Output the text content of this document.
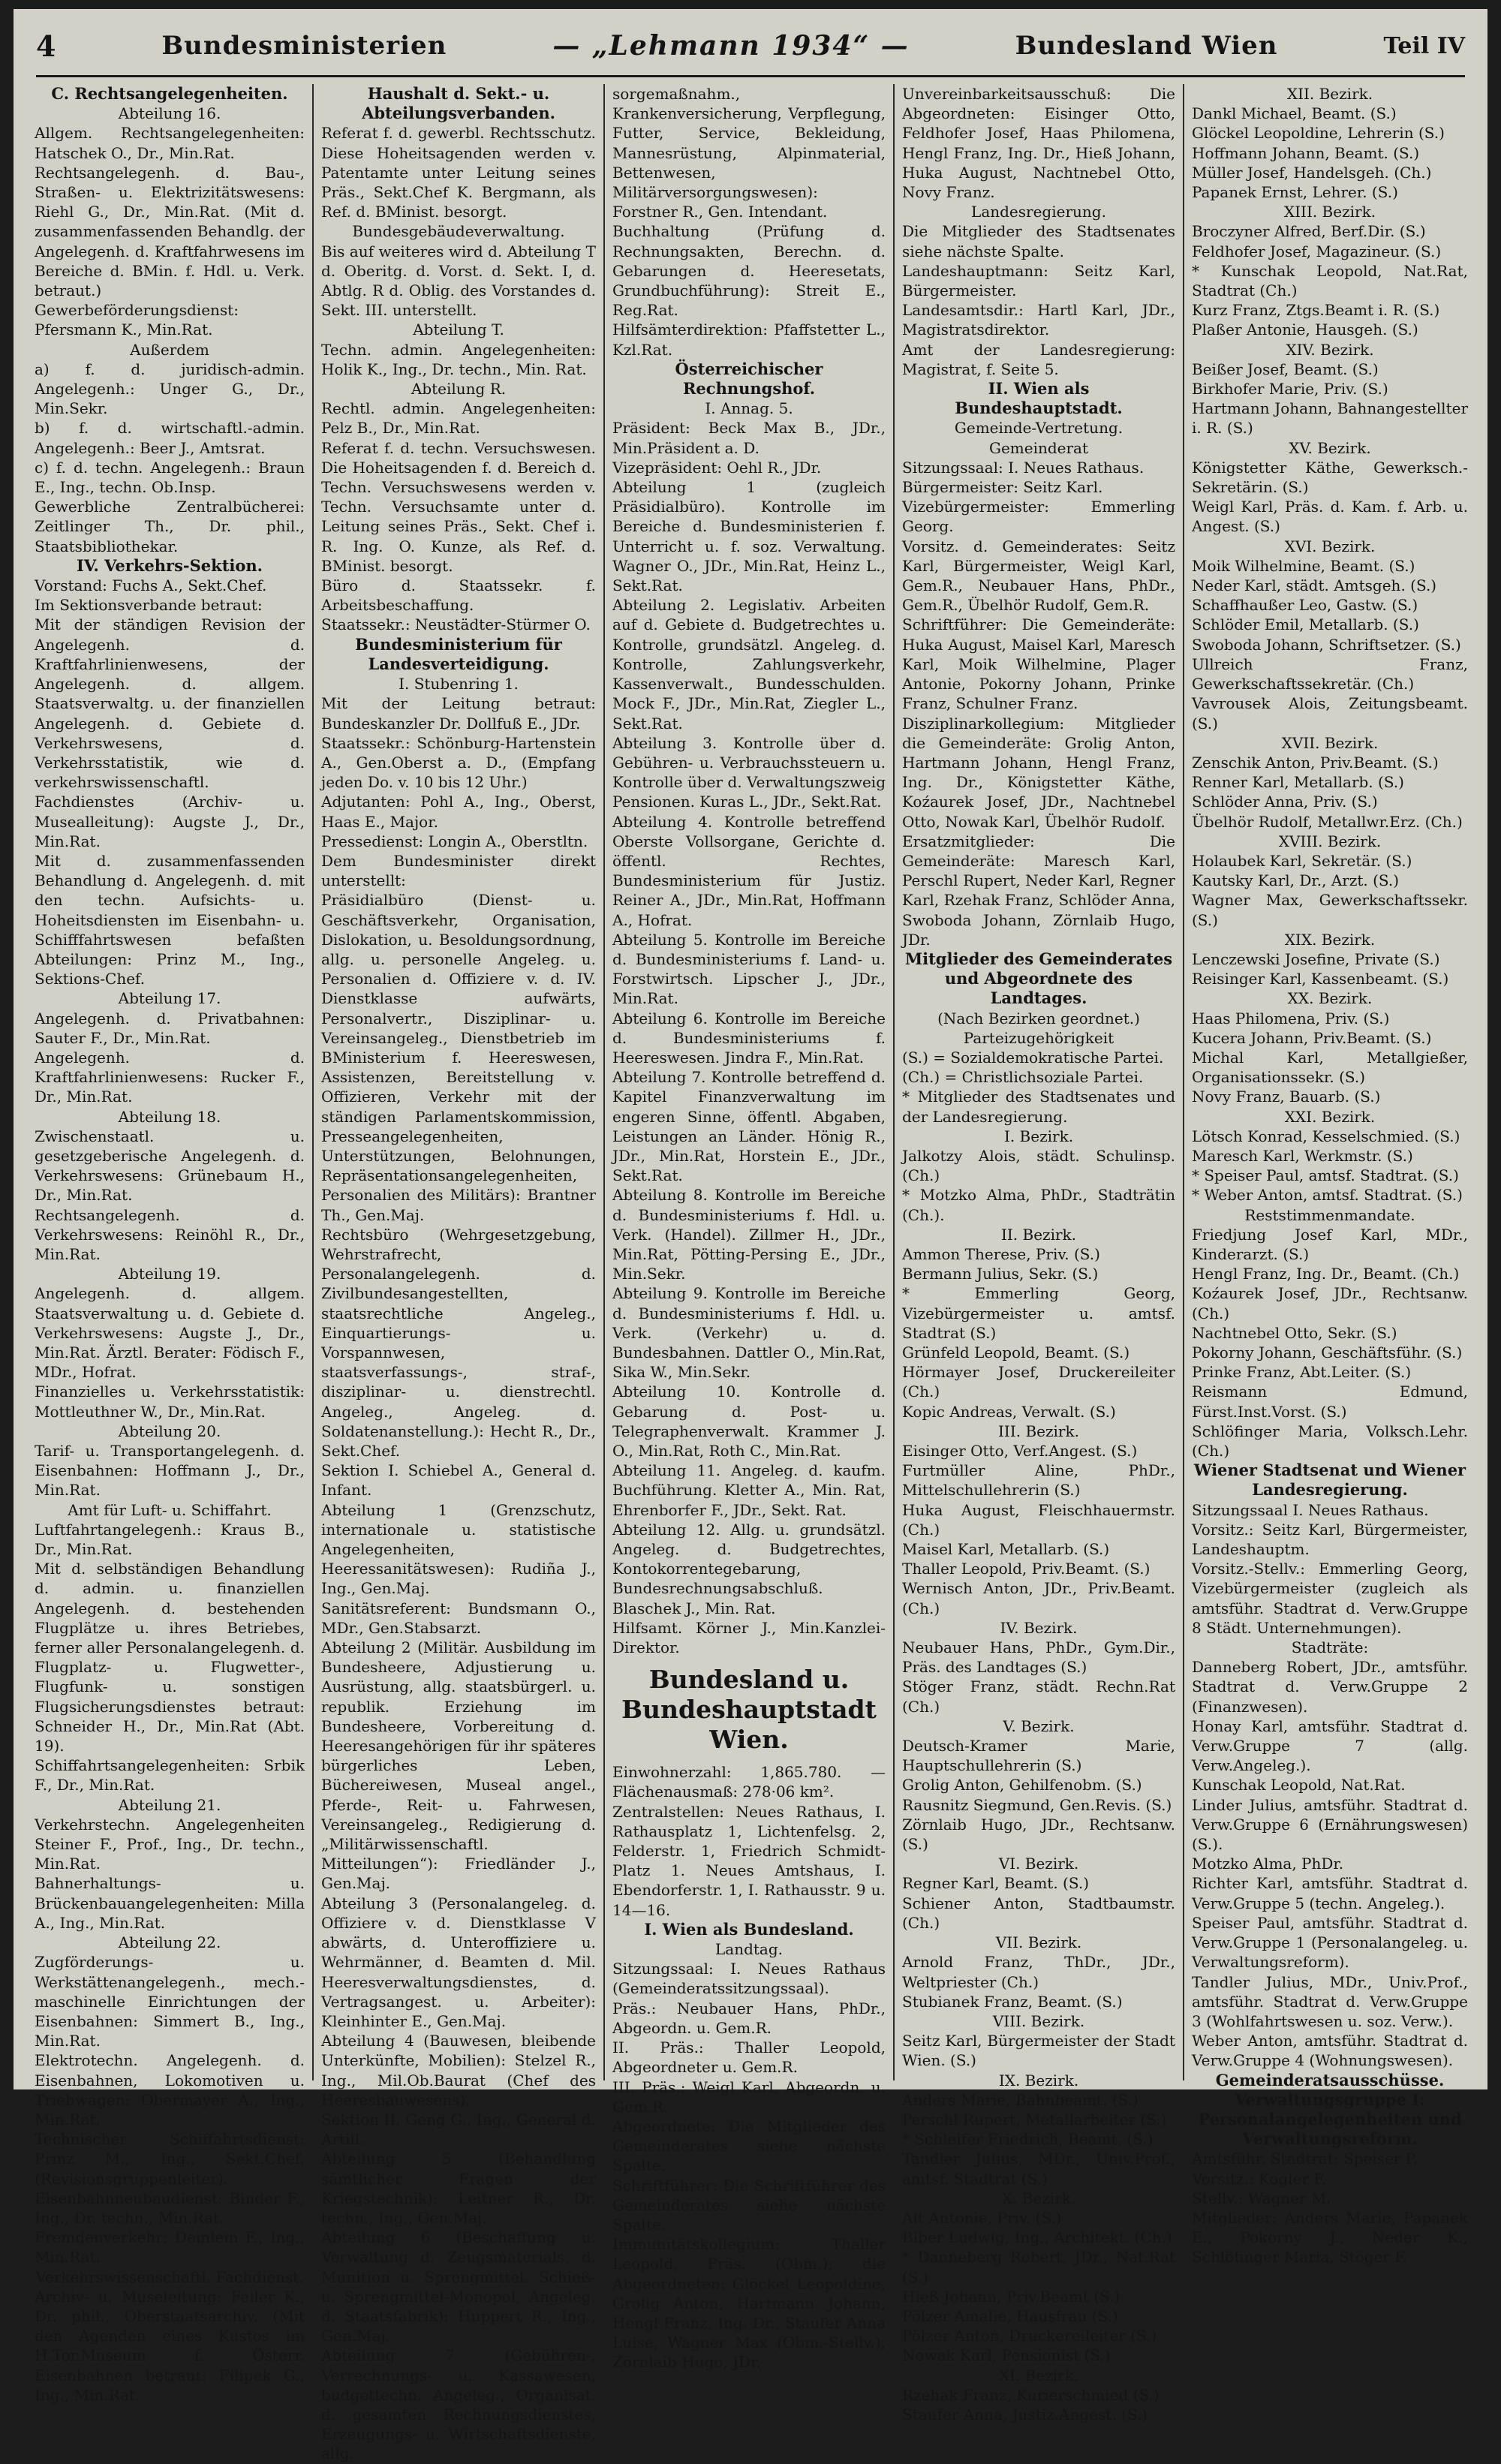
4	Bundesministerien	— „Lehmann 1934“ —	Bundesland Wien	Teil IV

C. Rechtsangelegenheiten.

Abteilung 16.

Allgem. Rechtsangelegenheiten: Hatschek O., Dr., Min.Rat.

Rechtsangelegenh. d. Bau-, Straßen- u. Elektrizitätswesens: Riehl G., Dr., Min.Rat. (Mit d. zusammenfassenden Behandlg. der Angelegenh. d. Kraftfahrwesens im Bereiche d. BMin. f. Hdl. u. Verk. betraut.)

Gewerbeförderungsdienst: Pfersmann K., Min.Rat.

Außerdem

a) f. d. juridisch-admin. Angelegenh.: Unger G., Dr., Min.Sekr.

b) f. d. wirtschaftl.-admin. Angelegenh.: Beer J., Amtsrat.

c) f. d. techn. Angelegenh.: Braun E., Ing., techn. Ob.Insp.

Gewerbliche Zentralbücherei: Zeitlinger Th., Dr. phil., Staatsbibliothekar.

IV. Verkehrs-Sektion.

Vorstand: Fuchs A., Sekt.Chef.

Im Sektionsverbande betraut:

Mit der ständigen Revision der Angelegenh. d. Kraftfahrlinienwesens, der Angelegenh. d. allgem. Staatsverwaltg. u. der finanziellen Angelegenh. d. Gebiete d. Verkehrswesens, d. Verkehrsstatistik, wie d. verkehrswissenschaftl. Fachdienstes (Archiv- u. Musealleitung): Augste J., Dr., Min.Rat.

Mit d. zusammenfassenden Behandlung d. Angelegenh. d. mit den techn. Aufsichts- u. Hoheitsdiensten im Eisenbahn- u. Schifffahrtswesen befaßten Abteilungen: Prinz M., Ing., Sektions-Chef.

Abteilung 17.

Angelegenh. d. Privatbahnen: Sauter F., Dr., Min.Rat.

Angelegenh. d. Kraftfahrlinienwesens: Rucker F., Dr., Min.Rat.

Abteilung 18.

Zwischenstaatl. u. gesetzgeberische Angelegenh. d. Verkehrswesens: Grünebaum H., Dr., Min.Rat.

Rechtsangelegenh. d. Verkehrswesens: Reinöhl R., Dr., Min.Rat.

Abteilung 19.

Angelegenh. d. allgem. Staatsverwaltung u. d. Gebiete d. Verkehrswesens: Augste J., Dr., Min.Rat. Ärztl. Berater: Födisch F., MDr., Hofrat.

Finanzielles u. Verkehrsstatistik: Mottleuthner W., Dr., Min.Rat.

Abteilung 20.

Tarif- u. Transportangelegenh. d. Eisenbahnen: Hoffmann J., Dr., Min.Rat.

Amt für Luft- u. Schiffahrt.

Luftfahrtangelegenh.: Kraus B., Dr., Min.Rat.

Mit d. selbständigen Behandlung d. admin. u. finanziellen Angelegenh. d. bestehenden Flugplätze u. ihres Betriebes, ferner aller Personalangelegenh. d. Flugplatz- u. Flugwetter-, Flugfunk- u. sonstigen Flugsicherungsdienstes betraut: Schneider H., Dr., Min.Rat (Abt. 19).

Schiffahrtsangelegenheiten: Srbik F., Dr., Min.Rat.

Abteilung 21.

Verkehrstechn. Angelegenheiten Steiner F., Prof., Ing., Dr. techn., Min.Rat.

Bahnerhaltungs- u. Brückenbauangelegenheiten: Milla A., Ing., Min.Rat.

Abteilung 22.

Zugförderungs- u. Werkstättenangelegenh., mech.-maschinelle Einrichtungen der Eisenbahnen: Simmert B., Ing., Min.Rat.

Elektrotechn. Angelegenh. d. Eisenbahnen, Lokomotiven u. Triebwagen: Obermayer A., Ing., Min.Rat.

Technischer Schiffahrtsdienst: Prinz M., Ing., Sekt.Chef. (Revisionsgruppenleiter).

Eisenbahnneubaudienst: Binder F., Ing., Dr. techn., Min.Rat.

Fremdenverkehr: Deinlein F., Ing., Min.Rat.

Verkehrswissenschaftl. Fachdienst.

Archiv- u. Museleitung: Feiler K., Dr. phil., Oberstaatsarchiv. (Mit den Agenden eines Kustos im H.Tor.Museum f. Österr. Eisenbahnen betraut: Filipek G., Ing., Min.Rat.

Haushalt d. Sekt.- u. Abteilungsverbanden.

Referat f. d. gewerbl. Rechtsschutz. Diese Hoheitsagenden werden v. Patentamte unter Leitung seines Präs., Sekt.Chef K. Bergmann, als Ref. d. BMinist. besorgt.

Bundesgebäudeverwaltung.

Bis auf weiteres wird d. Abteilung T d. Oberitg. d. Vorst. d. Sekt. I, d. Abtlg. R d. Oblig. des Vorstandes d. Sekt. III. unterstellt.

Abteilung T.

Techn. admin. Angelegenheiten: Holik K., Ing., Dr. techn., Min. Rat.

Abteilung R.

Rechtl. admin. Angelegenheiten: Pelz B., Dr., Min.Rat.

Referat f. d. techn. Versuchswesen. Die Hoheitsagenden f. d. Bereich d. Techn. Versuchswesens werden v. Techn. Versuchsamte unter d. Leitung seines Präs., Sekt. Chef i. R. Ing. O. Kunze, als Ref. d. BMinist. besorgt.

Büro d. Staatssekr. f. Arbeitsbeschaffung.

Staatssekr.: Neustädter-Stürmer O.

Bundesministerium für Landesverteidigung.

I. Stubenring 1.

Mit der Leitung betraut: Bundeskanzler Dr. Dollfuß E., JDr.

Staatssekr.: Schönburg-Hartenstein A., Gen.Oberst a. D., (Empfang jeden Do. v. 10 bis 12 Uhr.)

Adjutanten: Pohl A., Ing., Oberst, Haas E., Major.

Pressedienst: Longin A., Oberstltn.

Dem Bundesminister direkt unterstellt:

Präsidialbüro (Dienst- u. Geschäftsverkehr, Organisation, Dislokation, u. Besoldungsordnung, allg. u. personelle Angeleg. u. Personalien d. Offiziere v. d. IV. Dienstklasse aufwärts, Personalvertr., Disziplinar- u. Vereinsangeleg., Dienstbetrieb im BMinisterium f. Heereswesen, Assistenzen, Bereitstellung v. Offizieren, Verkehr mit der ständigen Parlamentskommission, Presseangelegenheiten, Unterstützungen, Belohnungen, Repräsentationsangelegenheiten, Personalien des Militärs): Brantner Th., Gen.Maj.

Rechtsbüro (Wehrgesetzgebung, Wehrstrafrecht, Personalangelegenh. d. Zivilbundesangestellten, staatsrechtliche Angeleg., Einquartierungs- u. Vorspannwesen, staatsverfassungs-, straf-, disziplinar- u. dienstrechtl. Angeleg., Angeleg. d. Soldatenanstellung.): Hecht R., Dr., Sekt.Chef.

Sektion I. Schiebel A., General d. Infant.

Abteilung 1 (Grenzschutz, internationale u. statistische Angelegenheiten, Heeressanitätswesen): Rudiña J., Ing., Gen.Maj.

Sanitätsreferent: Bundsmann O., MDr., Gen.Stabsarzt.

Abteilung 2 (Militär. Ausbildung im Bundesheere, Adjustierung u. Ausrüstung, allg. staatsbürgerl. u. republik. Erziehung im Bundesheere, Vorbereitung d. Heeresangehörigen für ihr späteres bürgerliches Leben, Büchereiwesen, Museal angel., Pferde-, Reit- u. Fahrwesen, Vereinsangeleg., Redigierung d. „Militärwissenschaftl. Mitteilungen“): Friedländer J., Gen.Maj.

Abteilung 3 (Personalangeleg. d. Offiziere v. d. Dienstklasse V abwärts, d. Unteroffiziere u. Wehrmänner, d. Beamten d. Mil. Heeresverwaltungsdienstes, d. Vertragsangest. u. Arbeiter): Kleinhinter E., Gen.Maj.

Abteilung 4 (Bauwesen, bleibende Unterkünfte, Mobilien): Stelzel R., Ing., Mil.Ob.Baurat (Chef des Heeresbauwesens).

Sektion II. Geng G., Ing., General d. Artill.

Abteilung 5 (Behandlung sämtlicher Fragen der Kriegstechnik): Leitner R., Dr. techn., Ing., Gen.Maj.

Abteilung 6 (Beschaffung u. Verwaltung d. Zeugsmaterials, d. Munition u. Sprengmittel. Schieß- u. Sprengmittel-Monopol, Angeleg. d. Staatsfabrik): Huppert R., Ing., Gen.Maj.

Abteilung 7 (Gebühren-, Verrechnungs- u. Kassawesen, budgettechn. Angeleg., Organisat. d. gesamten Rechnungsdienstes, Erzeugungs- u. Wirtschaftsdienste, allg.

sorgemaßnahm., Krankenversicherung, Verpflegung, Futter, Service, Bekleidung, Mannesrüstung, Alpinmaterial, Bettenwesen, Militärversorgungswesen): Forstner R., Gen. Intendant.

Buchhaltung (Prüfung d. Rechnungsakten, Berechn. d. Gebarungen d. Heeresetats, Grundbuchführung): Streit E., Reg.Rat.

Hilfsämterdirektion: Pfaffstetter L., Kzl.Rat.

Österreichischer Rechnungshof.

I. Annag. 5.

Präsident: Beck Max B., JDr., Min.Präsident a. D.

Vizepräsident: Oehl R., JDr.

Abteilung 1 (zugleich Präsidialbüro). Kontrolle im Bereiche d. Bundesministerien f. Unterricht u. f. soz. Verwaltung. Wagner O., JDr., Min.Rat, Heinz L., Sekt.Rat.

Abteilung 2. Legislativ. Arbeiten auf d. Gebiete d. Budgetrechtes u. Kontrolle, grundsätzl. Angeleg. d. Kontrolle, Zahlungsverkehr, Kassenverwalt., Bundesschulden. Mock F., JDr., Min.Rat, Ziegler L., Sekt.Rat.

Abteilung 3. Kontrolle über d. Gebühren- u. Verbrauchssteuern u. Kontrolle über d. Verwaltungszweig Pensionen. Kuras L., JDr., Sekt.Rat.

Abteilung 4. Kontrolle betreffend Oberste Vollsorgane, Gerichte d. öffentl. Rechtes, Bundesministerium für Justiz. Reiner A., JDr., Min.Rat, Hoffmann A., Hofrat.

Abteilung 5. Kontrolle im Bereiche d. Bundesministeriums f. Land- u. Forstwirtsch. Lipscher J., JDr., Min.Rat.

Abteilung 6. Kontrolle im Bereiche d. Bundesministeriums f. Heereswesen. Jindra F., Min.Rat.

Abteilung 7. Kontrolle betreffend d. Kapitel Finanzverwaltung im engeren Sinne, öffentl. Abgaben, Leistungen an Länder. Hönig R., JDr., Min.Rat, Horstein E., JDr., Sekt.Rat.

Abteilung 8. Kontrolle im Bereiche d. Bundesministeriums f. Hdl. u. Verk. (Handel). Zillmer H., JDr., Min.Rat, Pötting-Persing E., JDr., Min.Sekr.

Abteilung 9. Kontrolle im Bereiche d. Bundesministeriums f. Hdl. u. Verk. (Verkehr) u. d. Bundesbahnen. Dattler O., Min.Rat, Sika W., Min.Sekr.

Abteilung 10. Kontrolle d. Gebarung d. Post- u. Telegraphenverwalt. Krammer J. O., Min.Rat, Roth C., Min.Rat.

Abteilung 11. Angeleg. d. kaufm. Buchführung. Kletter A., Min. Rat, Ehrenborfer F., JDr., Sekt. Rat.

Abteilung 12. Allg. u. grundsätzl. Angeleg. d. Budgetrechtes, Kontokorrentegebarung, Bundesrechnungsabschluß. Blaschek J., Min. Rat.

Hilfsamt. Körner J., Min.Kanzlei-Direktor.

Bundesland u. Bundeshauptstadt Wien.

Einwohnerzahl: 1,865.780. — Flächenausmaß: 278·06 km².

Zentralstellen: Neues Rathaus, I. Rathausplatz 1, Lichtenfelsg. 2, Felderstr. 1, Friedrich Schmidt-Platz 1. Neues Amtshaus, I. Ebendorferstr. 1, I. Rathausstr. 9 u. 14—16.

I. Wien als Bundesland.

Landtag.

Sitzungssaal: I. Neues Rathaus (Gemeinderatssitzungssaal).

Präs.: Neubauer Hans, PhDr., Abgeordn. u. Gem.R.

II. Präs.: Thaller Leopold, Abgeordneter u. Gem.R.

III. Präs.: Weigl Karl, Abgeordn. u. Gem.R.

Abgeordnete: Die Mitglieder des Gemeinderates siehe nächste Spalte.

Schriftführer: Die Schriftführer des Gemeinderates siehe nächste Spalte.

Immunitätskollegium: Thaller Leopold, Präs. (Obm.); die Abgeordneten: Glöckel Leopoldine, Grolig Anton, Hartmann Johann, Hengl Franz, Ing. Dr., Staufer Anna Luise, Wagner Max (Obm.-Stellv.), Zörnlaib Hugo, JDr.

Unvereinbarkeitsausschuß: Die Abgeordneten: Eisinger Otto, Feldhofer Josef, Haas Philomena, Hengl Franz, Ing. Dr., Hieß Johann, Huka August, Nachtnebel Otto, Novy Franz.

Landesregierung.

Die Mitglieder des Stadtsenates siehe nächste Spalte.

Landeshauptmann: Seitz Karl, Bürgermeister.

Landesamtsdir.: Hartl Karl, JDr., Magistratsdirektor.

Amt der Landesregierung: Magistrat, f. Seite 5.

II. Wien als Bundeshauptstadt.

Gemeinde-Vertretung.

Gemeinderat

Sitzungssaal: I. Neues Rathaus.

Bürgermeister: Seitz Karl.

Vizebürgermeister: Emmerling Georg.

Vorsitz. d. Gemeinderates: Seitz Karl, Bürgermeister, Weigl Karl, Gem.R., Neubauer Hans, PhDr., Gem.R., Übelhör Rudolf, Gem.R.

Schriftführer: Die Gemeinderäte: Huka August, Maisel Karl, Maresch Karl, Moik Wilhelmine, Plager Antonie, Pokorny Johann, Prinke Franz, Schulner Franz.

Disziplinarkollegium: Mitglieder die Gemeinderäte: Grolig Anton, Hartmann Johann, Hengl Franz, Ing. Dr., Königstetter Käthe, Koźaurek Josef, JDr., Nachtnebel Otto, Nowak Karl, Übelhör Rudolf.

Ersatzmitglieder: Die Gemeinderäte: Maresch Karl, Perschl Rupert, Neder Karl, Regner Karl, Rzehak Franz, Schlöder Anna, Swoboda Johann, Zörnlaib Hugo, JDr.

Mitglieder des Gemeinderates und Abgeordnete des Landtages.

(Nach Bezirken geordnet.)

Parteizugehörigkeit

(S.) = Sozialdemokratische Partei.

(Ch.) = Christlichsoziale Partei.

* Mitglieder des Stadtsenates und der Landesregierung.

I. Bezirk.

Jalkotzy Alois, städt. Schulinsp. (Ch.)

* Motzko Alma, PhDr., Stadträtin (Ch.).

II. Bezirk.

Ammon Therese, Priv. (S.)

Bermann Julius, Sekr. (S.)

* Emmerling Georg, Vizebürgermeister u. amtsf. Stadtrat (S.)

Grünfeld Leopold, Beamt. (S.)

Hörmayer Josef, Druckereileiter (Ch.)

Kopic Andreas, Verwalt. (S.)

III. Bezirk.

Eisinger Otto, Verf.Angest. (S.)

Furtmüller Aline, PhDr., Mittelschullehrerin (S.)

Huka August, Fleischhauermstr. (Ch.)

Maisel Karl, Metallarb. (S.)

Thaller Leopold, Priv.Beamt. (S.)

Wernisch Anton, JDr., Priv.Beamt. (Ch.)

IV. Bezirk.

Neubauer Hans, PhDr., Gym.Dir., Präs. des Landtages (S.)

Stöger Franz, städt. Rechn.Rat (Ch.)

V. Bezirk.

Deutsch-Kramer Marie, Hauptschullehrerin (S.)

Grolig Anton, Gehilfenobm. (S.)

Rausnitz Siegmund, Gen.Revis. (S.)

Zörnlaib Hugo, JDr., Rechtsanw. (S.)

VI. Bezirk.

Regner Karl, Beamt. (S.)

Schiener Anton, Stadtbaumstr. (Ch.)

VII. Bezirk.

Arnold Franz, ThDr., JDr., Weltpriester (Ch.)

Stubianek Franz, Beamt. (S.)

VIII. Bezirk.

Seitz Karl, Bürgermeister der Stadt Wien. (S.)

IX. Bezirk.

Anders Marie, Bahnbeamt. (S.)

Perschl Rupert, Metallarbeiter (S.)

* Schleifer Friedrich, Beamt. (S.)

Tandler Julius, MDr., Univ.Prof., amtsf. Stadtrat (S.)

X. Bezirk.

Alt Antonie, Priv. (S.)

Biber Ludwig, Ing., Architekt. (Ch.)

* Danneberg Robert, JDr., Nat.Rat (S.)

Hieß Johann, Priv.Beamt (S.)

Pölzer Amalie, Hausfrau (S.)

Pölzer Anton, Druckereileiter (S.)

Nowak Karl, Pensionist (S.)

XI. Bezirk.

Rzehak Franz, Kurierschmied (S.)

Staufer Anna, Justiz.Angest. (S.)

XII. Bezirk.

Dankl Michael, Beamt. (S.)

Glöckel Leopoldine, Lehrerin (S.)

Hoffmann Johann, Beamt. (S.)

Müller Josef, Handelsgeh. (Ch.)

Papanek Ernst, Lehrer. (S.)

XIII. Bezirk.

Broczyner Alfred, Berf.Dir. (S.)

Feldhofer Josef, Magazineur. (S.)

* Kunschak Leopold, Nat.Rat, Stadtrat (Ch.)

Kurz Franz, Ztgs.Beamt i. R. (S.)

Plaßer Antonie, Hausgeh. (S.)

XIV. Bezirk.

Beißer Josef, Beamt. (S.)

Birkhofer Marie, Priv. (S.)

Hartmann Johann, Bahnangestellter i. R. (S.)

XV. Bezirk.

Königstetter Käthe, Gewerksch.-Sekretärin. (S.)

Weigl Karl, Präs. d. Kam. f. Arb. u. Angest. (S.)

XVI. Bezirk.

Moik Wilhelmine, Beamt. (S.)

Neder Karl, städt. Amtsgeh. (S.)

Schaffhaußer Leo, Gastw. (S.)

Schlöder Emil, Metallarb. (S.)

Swoboda Johann, Schriftsetzer. (S.)

Ullreich Franz, Gewerkschaftssekretär. (Ch.)

Vavrousek Alois, Zeitungsbeamt. (S.)

XVII. Bezirk.

Zenschik Anton, Priv.Beamt. (S.)

Renner Karl, Metallarb. (S.)

Schlöder Anna, Priv. (S.)

Übelhör Rudolf, Metallwr.Erz. (Ch.)

XVIII. Bezirk.

Holaubek Karl, Sekretär. (S.)

Kautsky Karl, Dr., Arzt. (S.)

Wagner Max, Gewerkschaftssekr. (S.)

XIX. Bezirk.

Lenczewski Josefine, Private (S.)

Reisinger Karl, Kassenbeamt. (S.)

XX. Bezirk.

Haas Philomena, Priv. (S.)

Kucera Johann, Priv.Beamt. (S.)

Michal Karl, Metallgießer, Organisationssekr. (S.)

Novy Franz, Bauarb. (S.)

XXI. Bezirk.

Lötsch Konrad, Kesselschmied. (S.)

Maresch Karl, Werkmstr. (S.)

* Speiser Paul, amtsf. Stadtrat. (S.)

* Weber Anton, amtsf. Stadtrat. (S.)

Reststimmenmandate.

Friedjung Josef Karl, MDr., Kinderarzt. (S.)

Hengl Franz, Ing. Dr., Beamt. (Ch.)

Koźaurek Josef, JDr., Rechtsanw. (Ch.)

Nachtnebel Otto, Sekr. (S.)

Pokorny Johann, Geschäftsführ. (S.)

Prinke Franz, Abt.Leiter. (S.)

Reismann Edmund, Fürst.Inst.Vorst. (S.)

Schlöfinger Maria, Volksch.Lehr. (Ch.)

Wiener Stadtsenat und Wiener Landesregierung.

Sitzungssaal I. Neues Rathaus.

Vorsitz.: Seitz Karl, Bürgermeister, Landeshauptm.

Vorsitz.-Stellv.: Emmerling Georg, Vizebürgermeister (zugleich als amtsführ. Stadtrat d. Verw.Gruppe 8 Städt. Unternehmungen).

Stadträte:

Danneberg Robert, JDr., amtsführ. Stadtrat d. Verw.Gruppe 2 (Finanzwesen).

Honay Karl, amtsführ. Stadtrat d. Verw.Gruppe 7 (allg. Verw.Angeleg.).

Kunschak Leopold, Nat.Rat.

Linder Julius, amtsführ. Stadtrat d. Verw.Gruppe 6 (Ernährungswesen) (S.).

Motzko Alma, PhDr.

Richter Karl, amtsführ. Stadtrat d. Verw.Gruppe 5 (techn. Angeleg.).

Speiser Paul, amtsführ. Stadtrat d. Verw.Gruppe 1 (Personalangeleg. u. Verwaltungsreform).

Tandler Julius, MDr., Univ.Prof., amtsführ. Stadtrat d. Verw.Gruppe 3 (Wohlfahrtswesen u. soz. Verw.).

Weber Anton, amtsführ. Stadtrat d. Verw.Gruppe 4 (Wohnungswesen).

Gemeinderatsausschüsse.

Verwaltungsgruppe I: Personalangelegenheiten und Verwaltungsreform.

Amtsführ. Stadtrat: Speiser P.

Vorsitz.: Kogler F.

Stellv.: Wagner M.

Mitglieder: Anders Marie, Papanek E., Pokorny J., Neder K., Schlöfinger Maria, Stöger F.
